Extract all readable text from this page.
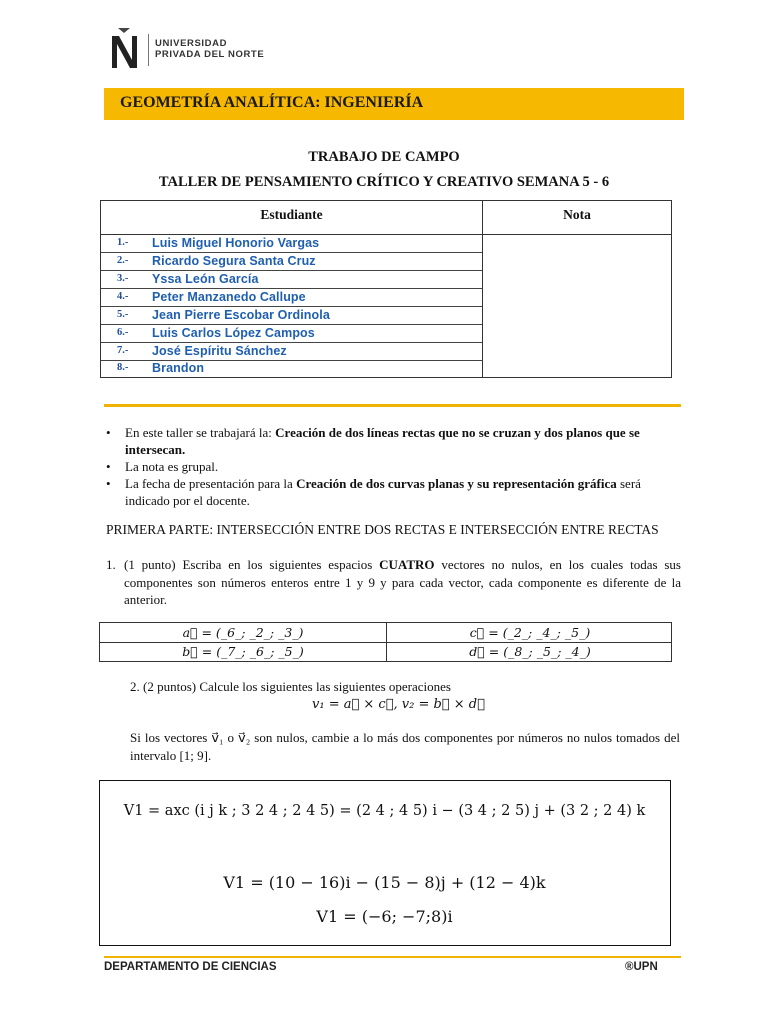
UNIVERSIDAD
PRIVADA DEL NORTE
GEOMETRÍA ANALÍTICA: INGENIERÍA
TRABAJO DE CAMPO
TALLER DE PENSAMIENTO CRÍTICO Y CREATIVO SEMANA 5 - 6
Estudiante	Nota
1.- Luis Miguel Honorio Vargas
2.- Ricardo Segura Santa Cruz
3.- Yssa León García
4.- Peter Manzanedo Callupe
5.- Jean Pierre Escobar Ordinola
6.- Luis Carlos López Campos
7.- José Espíritu Sánchez
8.- Brandon

• En este taller se trabajará la: Creación de dos líneas rectas que no se cruzan y dos planos que se intersecan.

• La nota es grupal.

• La fecha de presentación para la Creación de dos curvas planas y su representación gráfica será indicado por el docente.

PRIMERA PARTE: INTERSECCIÓN ENTRE DOS RECTAS E INTERSECCIÓN ENTRE RECTAS
1. (1 punto) Escriba en los siguientes espacios CUATRO vectores no nulos, en los cuales todas sus componentes son números enteros entre 1 y 9 y para cada vector, cada componente es diferente de la anterior.
a⃗ = (_6_; _2_; _3_)	c⃗ = (_2_; _4_; _5_)
b⃗ = (_7_; _6_; _5_)	d⃗ = (_8_; _5_; _4_)
2. (2 puntos) Calcule los siguientes las siguientes operaciones
v₁ = a⃗ × c⃗, v₂ = b⃗ × d⃗
Si los vectores v⃗₁ o v⃗₂ son nulos, cambie a lo más dos componentes por números no nulos tomados del intervalo [1; 9].
V1 = axc (i j k ; 3 2 4 ; 2 4 5) = (2 4 ; 4 5) i − (3 4 ; 2 5) j + (3 2 ; 2 4) k
V1 = (10 − 16)i − (15 − 8)j + (12 − 4)k
V1 = (−6; −7;8)i
DEPARTAMENTO DE CIENCIAS	®UPN
